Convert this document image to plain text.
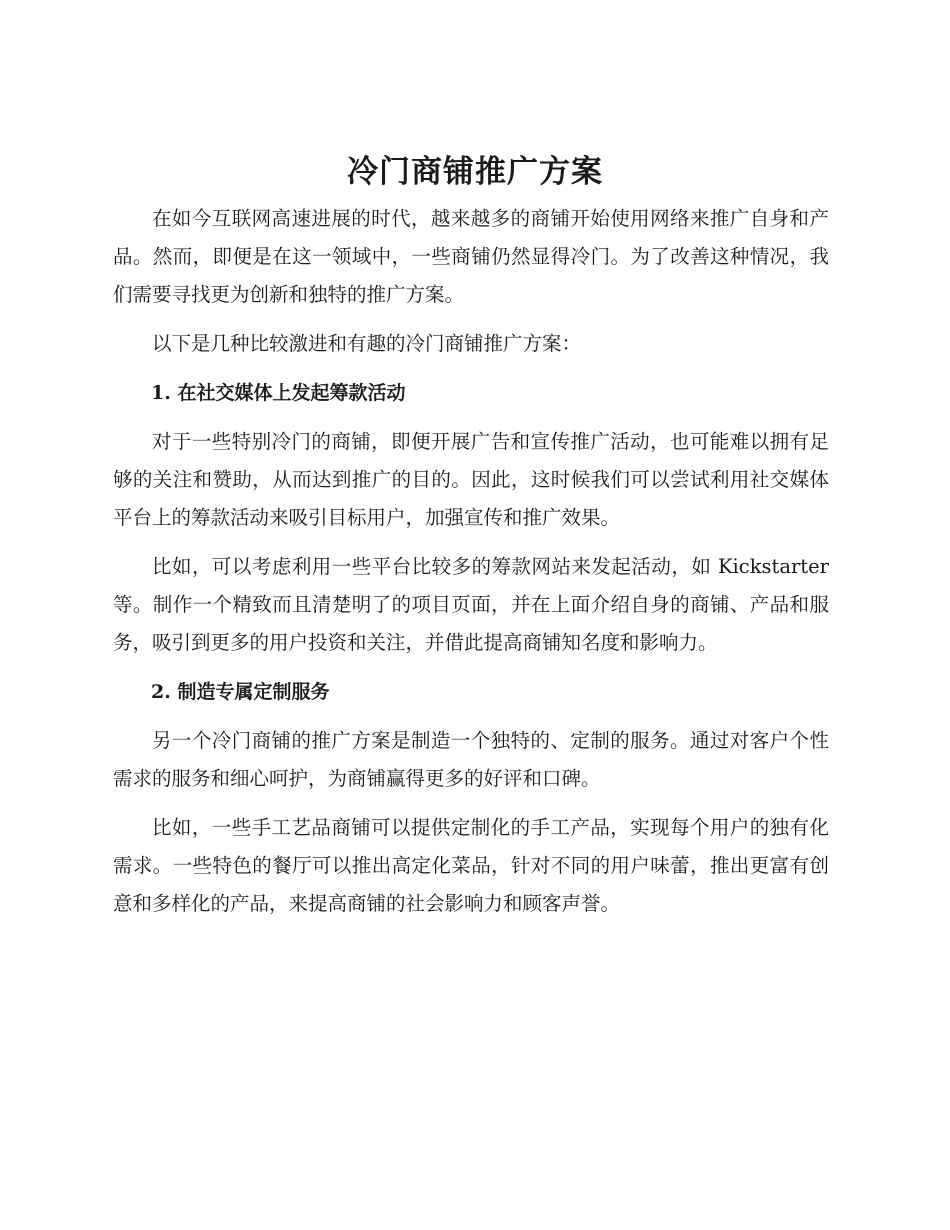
冷门商铺推广方案

在如今互联网高速进展的时代，越来越多的商铺开始使用网络来推广自身和产品。然而，即便是在这一领域中，一些商铺仍然显得冷门。为了改善这种情况，我们需要寻找更为创新和独特的推广方案。

以下是几种比较激进和有趣的冷门商铺推广方案：

1. 在社交媒体上发起筹款活动

对于一些特别冷门的商铺，即便开展广告和宣传推广活动，也可能难以拥有足够的关注和赞助，从而达到推广的目的。因此，这时候我们可以尝试利用社交媒体平台上的筹款活动来吸引目标用户，加强宣传和推广效果。

比如，可以考虑利用一些平台比较多的筹款网站来发起活动，如 Kickstarter 等。制作一个精致而且清楚明了的项目页面，并在上面介绍自身的商铺、产品和服务，吸引到更多的用户投资和关注，并借此提高商铺知名度和影响力。

2. 制造专属定制服务

另一个冷门商铺的推广方案是制造一个独特的、定制的服务。通过对客户个性需求的服务和细心呵护，为商铺赢得更多的好评和口碑。

比如，一些手工艺品商铺可以提供定制化的手工产品，实现每个用户的独有化需求。一些特色的餐厅可以推出高定化菜品，针对不同的用户味蕾，推出更富有创意和多样化的产品，来提高商铺的社会影响力和顾客声誉。
